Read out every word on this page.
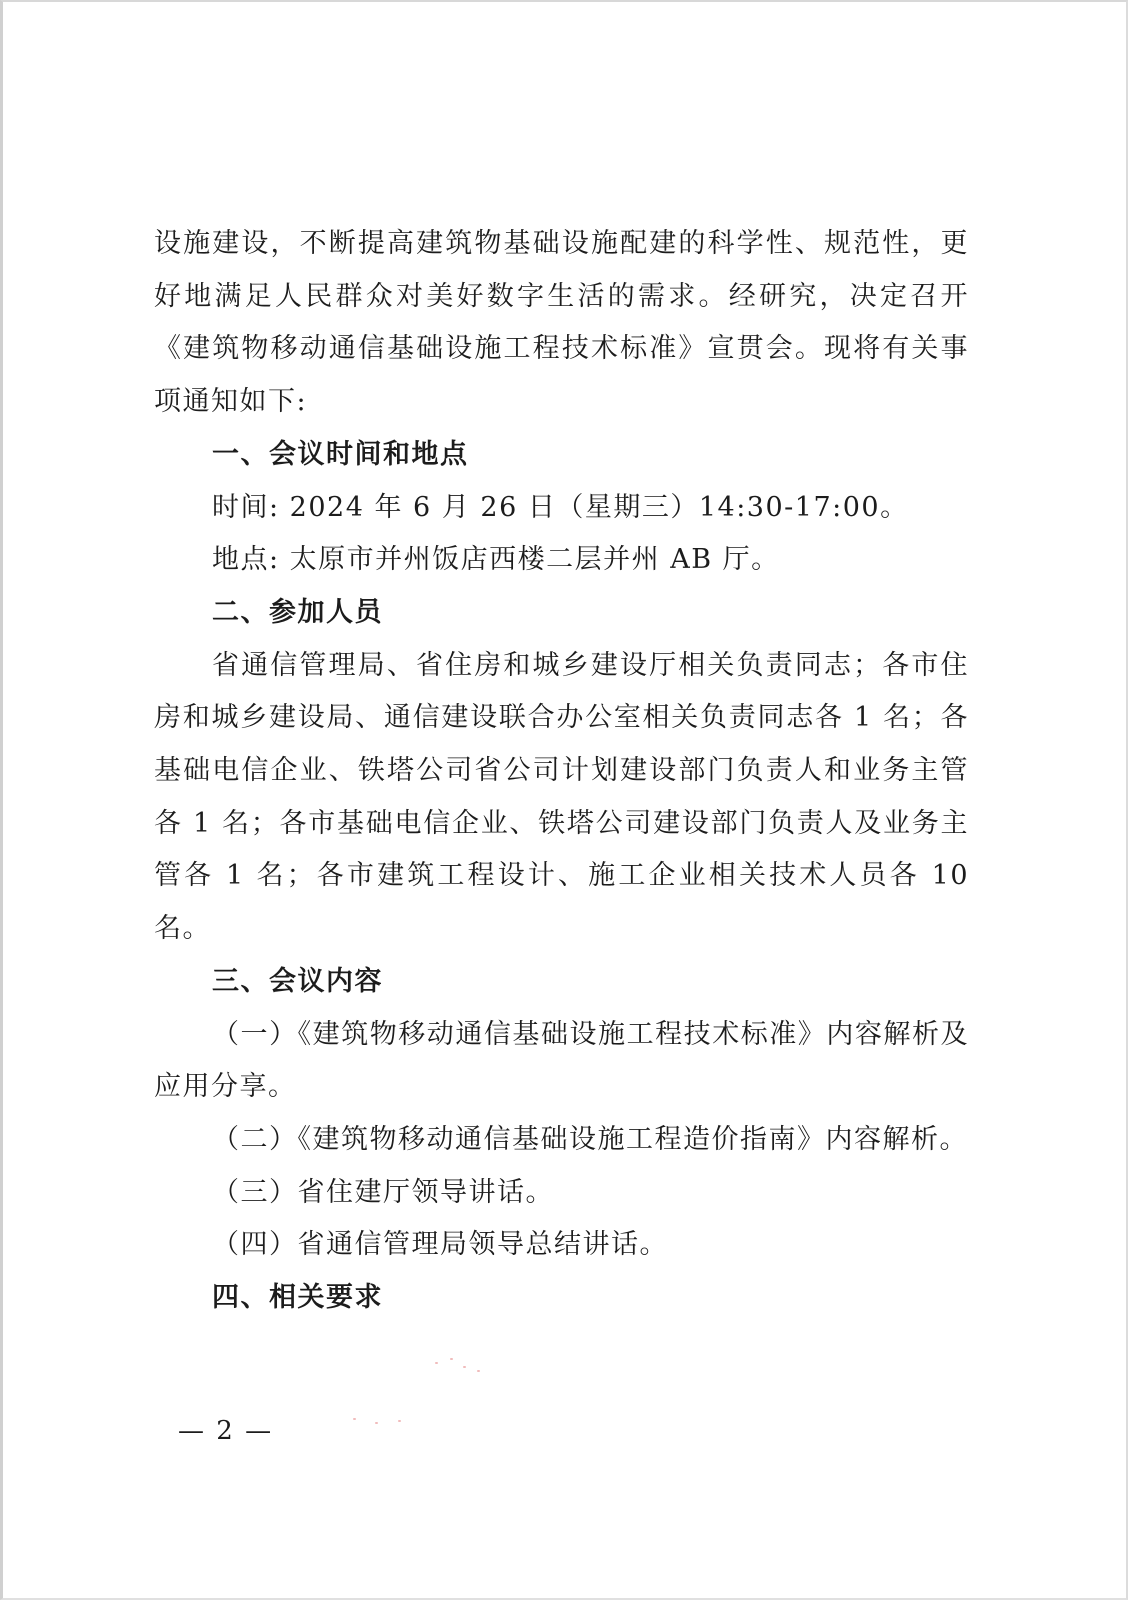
设施建设，不断提高建筑物基础设施配建的科学性、规范性，更好地满足人民群众对美好数字生活的需求。经研究，决定召开《建筑物移动通信基础设施工程技术标准》宣贯会。现将有关事项通知如下:

一、会议时间和地点

时间: 2024 年 6 月 26 日（星期三）14:30-17:00。

地点: 太原市并州饭店西楼二层并州 AB 厅。

二、参加人员

省通信管理局、省住房和城乡建设厅相关负责同志；各市住房和城乡建设局、通信建设联合办公室相关负责同志各 1 名；各基础电信企业、铁塔公司省公司计划建设部门负责人和业务主管各 1 名；各市基础电信企业、铁塔公司建设部门负责人及业务主管各 1 名；各市建筑工程设计、施工企业相关技术人员各 10 名。

三、会议内容

（一）《建筑物移动通信基础设施工程技术标准》内容解析及应用分享。

（二）《建筑物移动通信基础设施工程造价指南》内容解析。

（三）省住建厅领导讲话。

（四）省通信管理局领导总结讲话。

四、相关要求

— 2 —
